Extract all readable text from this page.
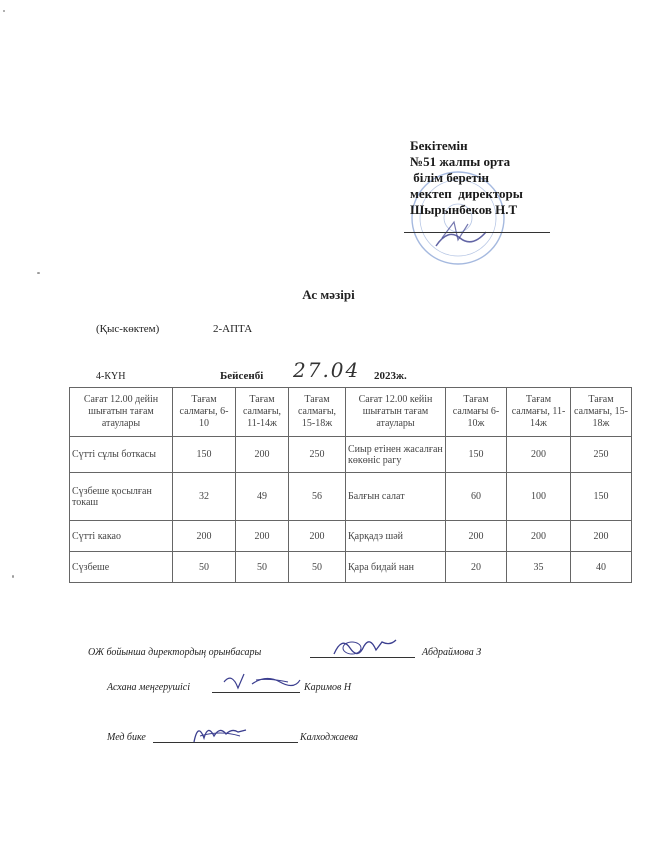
Бекітемін
№51 жалпы орта
білім беретін
мектеп  директоры
Шырынбеков Н.Т
Ас мәзірі
(Қыс-көктем)	2-АПТА
4-КҮН	Бейсенбі 27.04 2023ж.
Сағат 12.00 дейін шығатын тағам атаулары	Тағам салмағы, 6-10	Тағам салмағы, 11-14ж	Тағам салмағы, 15-18ж	Сағат 12.00 кейін шығатын тағам атаулары	Тағам салмағы 6-10ж	Тағам салмағы, 11-14ж	Тағам салмағы, 15-18ж
Сүтті сұлы боткасы	150	200	250	Сиыр етінен жасалған көкөніс рагу	150	200	250
Сүзбеше қосылған токаш	32	49	56	Балғын салат	60	100	150
Сүтті какао	200	200	200	Қарқадэ шәй	200	200	200
Сүзбеше	50	50	50	Қара бидай нан	20	35	40
ОЖ бойынша директордың орынбасары	Абдраймова З
Асхана меңгерушісі	Каримов Н
Мед бике	Калходжаева
